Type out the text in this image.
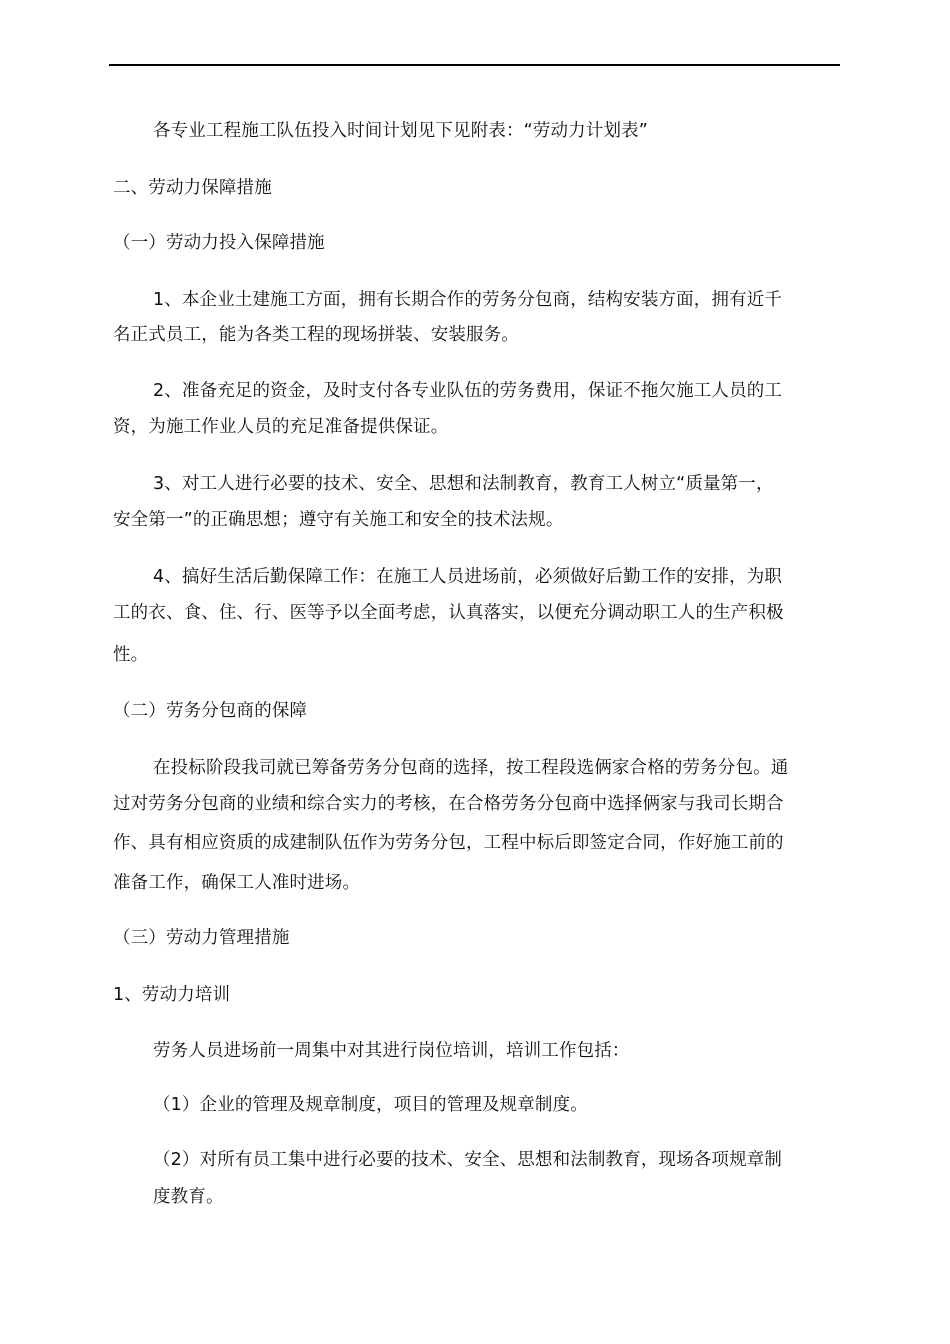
各专业工程施工队伍投入时间计划见下见附表：“劳动力计划表”
二、劳动力保障措施
（一）劳动力投入保障措施
1、本企业土建施工方面，拥有长期合作的劳务分包商，结构安装方面，拥有近千
名正式员工，能为各类工程的现场拼装、安装服务。
2、准备充足的资金，及时支付各专业队伍的劳务费用，保证不拖欠施工人员的工
资，为施工作业人员的充足准备提供保证。
3、对工人进行必要的技术、安全、思想和法制教育，教育工人树立“质量第一，
安全第一”的正确思想；遵守有关施工和安全的技术法规。
4、搞好生活后勤保障工作：在施工人员进场前，必须做好后勤工作的安排，为职
工的衣、食、住、行、医等予以全面考虑，认真落实，以便充分调动职工人的生产积极
性。
（二）劳务分包商的保障
在投标阶段我司就已筹备劳务分包商的选择，按工程段选俩家合格的劳务分包。通
过对劳务分包商的业绩和综合实力的考核，在合格劳务分包商中选择俩家与我司长期合
作、具有相应资质的成建制队伍作为劳务分包，工程中标后即签定合同，作好施工前的
准备工作，确保工人准时进场。
（三）劳动力管理措施
1、劳动力培训
劳务人员进场前一周集中对其进行岗位培训，培训工作包括：
（1）企业的管理及规章制度，项目的管理及规章制度。
（2）对所有员工集中进行必要的技术、安全、思想和法制教育，现场各项规章制
度教育。
